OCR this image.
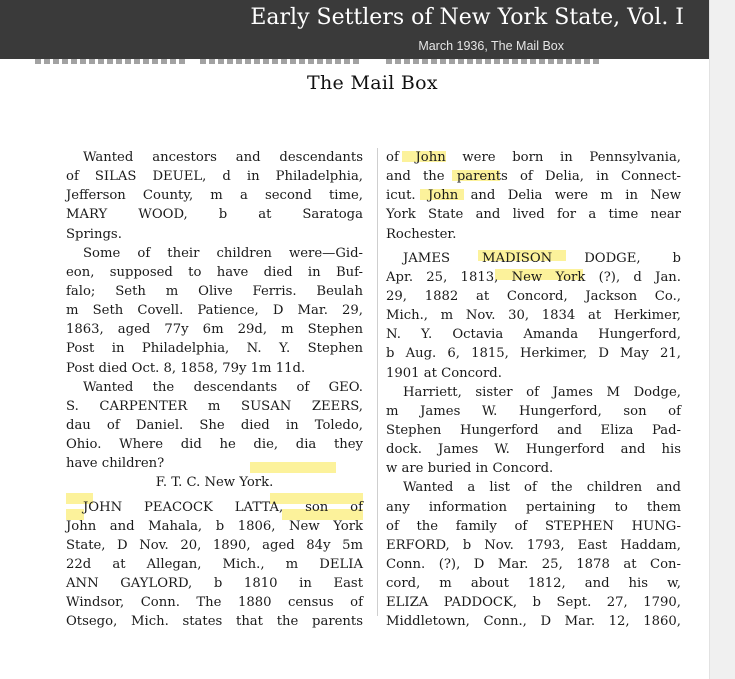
Early Settlers of New York State, Vol. I
March 1936, The Mail Box
The Mail Box
Wanted ancestors and descendants
of SILAS DEUEL, d in Philadelphia,
Jefferson County, m a second time,
MARY WOOD, b at Saratoga
Springs.
Some of their children were—Gid-
eon, supposed to have died in Buf-
falo; Seth m Olive Ferris. Beulah
m Seth Covell. Patience, D Mar. 29,
1863, aged 77y 6m 29d, m Stephen
Post in Philadelphia, N. Y. Stephen
Post died Oct. 8, 1858, 79y 1m 11d.
Wanted the descendants of GEO.
S. CARPENTER m SUSAN ZEERS,
dau of Daniel. She died in Toledo,
Ohio. Where did he die, dia they
have children?
F. T. C. New York.
JOHN PEACOCK LATTA, son of
John and Mahala, b 1806, New York
State, D Nov. 20, 1890, aged 84y 5m
22d at Allegan, Mich., m DELIA
ANN GAYLORD, b 1810 in East
Windsor, Conn. The 1880 census of
Otsego, Mich. states that the parents
of John were born in Pennsylvania,
and the parents of Delia, in Connect-
icut. John and Delia were m in New
York State and lived for a time near
Rochester.
JAMES MADISON DODGE, b
Apr. 25, 1813, New York (?), d Jan.
29, 1882 at Concord, Jackson Co.,
Mich., m Nov. 30, 1834 at Herkimer,
N. Y. Octavia Amanda Hungerford,
b Aug. 6, 1815, Herkimer, D May 21,
1901 at Concord.
Harriett, sister of James M Dodge,
m James W. Hungerford, son of
Stephen Hungerford and Eliza Pad-
dock. James W. Hungerford and his
w are buried in Concord.
Wanted a list of the children and
any information pertaining to them
of the family of STEPHEN HUNG-
ERFORD, b Nov. 1793, East Haddam,
Conn. (?), D Mar. 25, 1878 at Con-
cord, m about 1812, and his w,
ELIZA PADDOCK, b Sept. 27, 1790,
Middletown, Conn., D Mar. 12, 1860,
